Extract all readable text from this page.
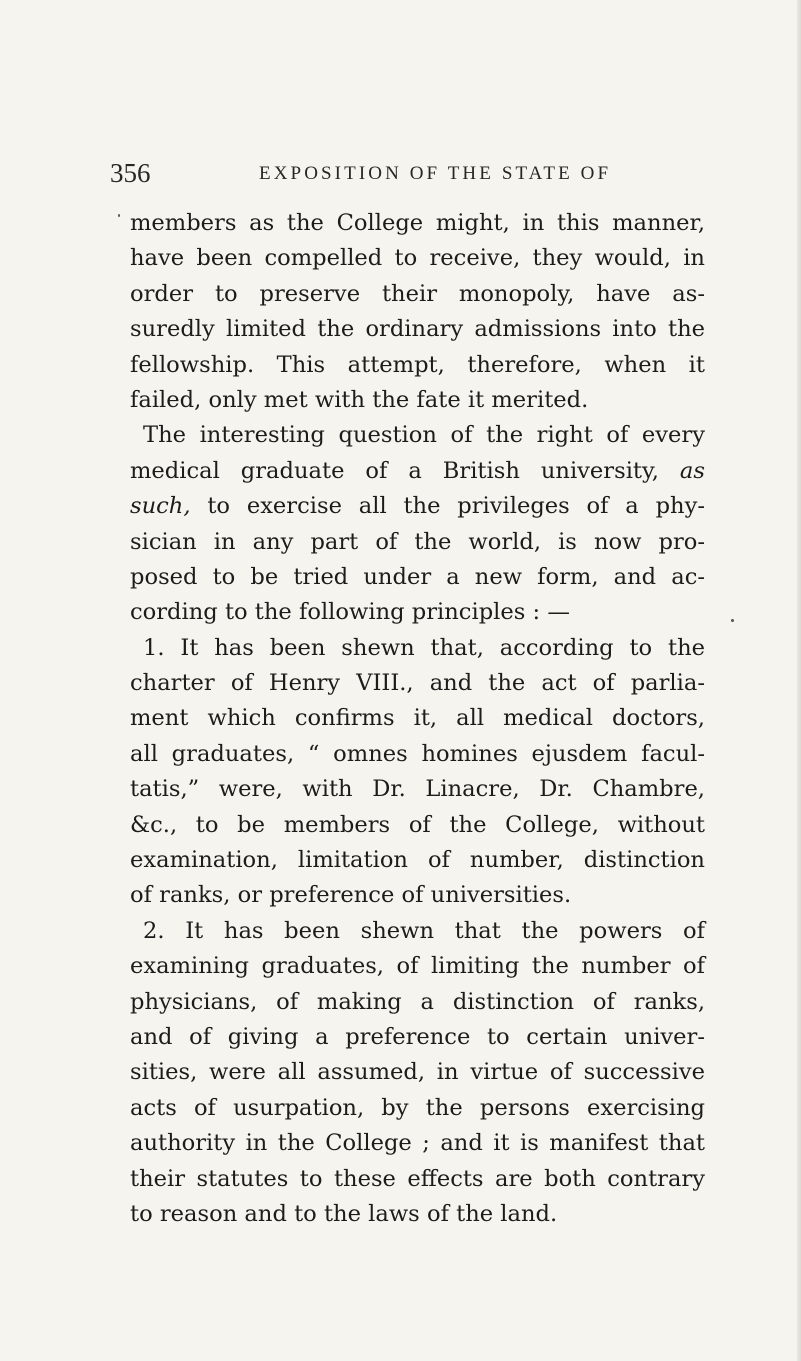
356	EXPOSITION OF THE STATE OF
members as the College might, in this manner,
have been compelled to receive, they would, in
order to preserve their monopoly, have as-
suredly limited the ordinary admissions into the
fellowship. This attempt, therefore, when it
failed, only met with the fate it merited.
The interesting question of the right of every
medical graduate of a British university, as
such, to exercise all the privileges of a phy-
sician in any part of the world, is now pro-
posed to be tried under a new form, and ac-
cording to the following principles : —
1. It has been shewn that, according to the
charter of Henry VIII., and the act of parlia-
ment which confirms it, all medical doctors,
all graduates, “ omnes homines ejusdem facul-
tatis,” were, with Dr. Linacre, Dr. Chambre,
&c., to be members of the College, without
examination, limitation of number, distinction
of ranks, or preference of universities.
2. It has been shewn that the powers of
examining graduates, of limiting the number of
physicians, of making a distinction of ranks,
and of giving a preference to certain univer-
sities, were all assumed, in virtue of successive
acts of usurpation, by the persons exercising
authority in the College ; and it is manifest that
their statutes to these effects are both contrary
to reason and to the laws of the land.
